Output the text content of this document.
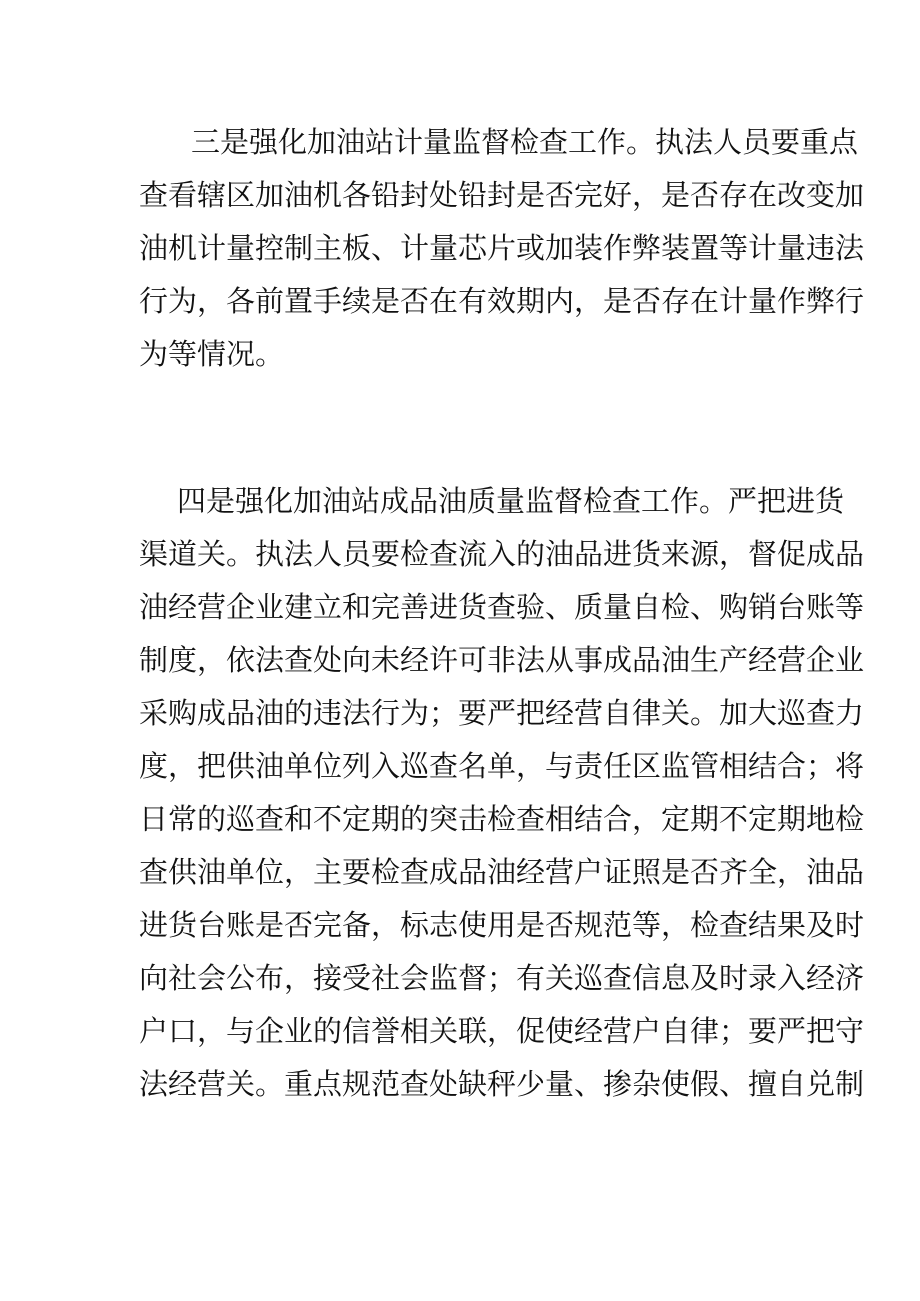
三是强化加油站计量监督检查工作。执法人员要重点
查看辖区加油机各铅封处铅封是否完好，是否存在改变加
油机计量控制主板、计量芯片或加装作弊装置等计量违法
行为，各前置手续是否在有效期内，是否存在计量作弊行
为等情况。

四是强化加油站成品油质量监督检查工作。严把进货
渠道关。执法人员要检查流入的油品进货来源，督促成品
油经营企业建立和完善进货查验、质量自检、购销台账等
制度，依法查处向未经许可非法从事成品油生产经营企业
采购成品油的违法行为；要严把经营自律关。加大巡查力
度，把供油单位列入巡查名单，与责任区监管相结合；将
日常的巡查和不定期的突击检查相结合，定期不定期地检
查供油单位，主要检查成品油经营户证照是否齐全，油品
进货台账是否完备，标志使用是否规范等，检查结果及时
向社会公布，接受社会监督；有关巡查信息及时录入经济
户口，与企业的信誉相关联，促使经营户自律；要严把守
法经营关。重点规范查处缺秤少量、掺杂使假、擅自兑制
